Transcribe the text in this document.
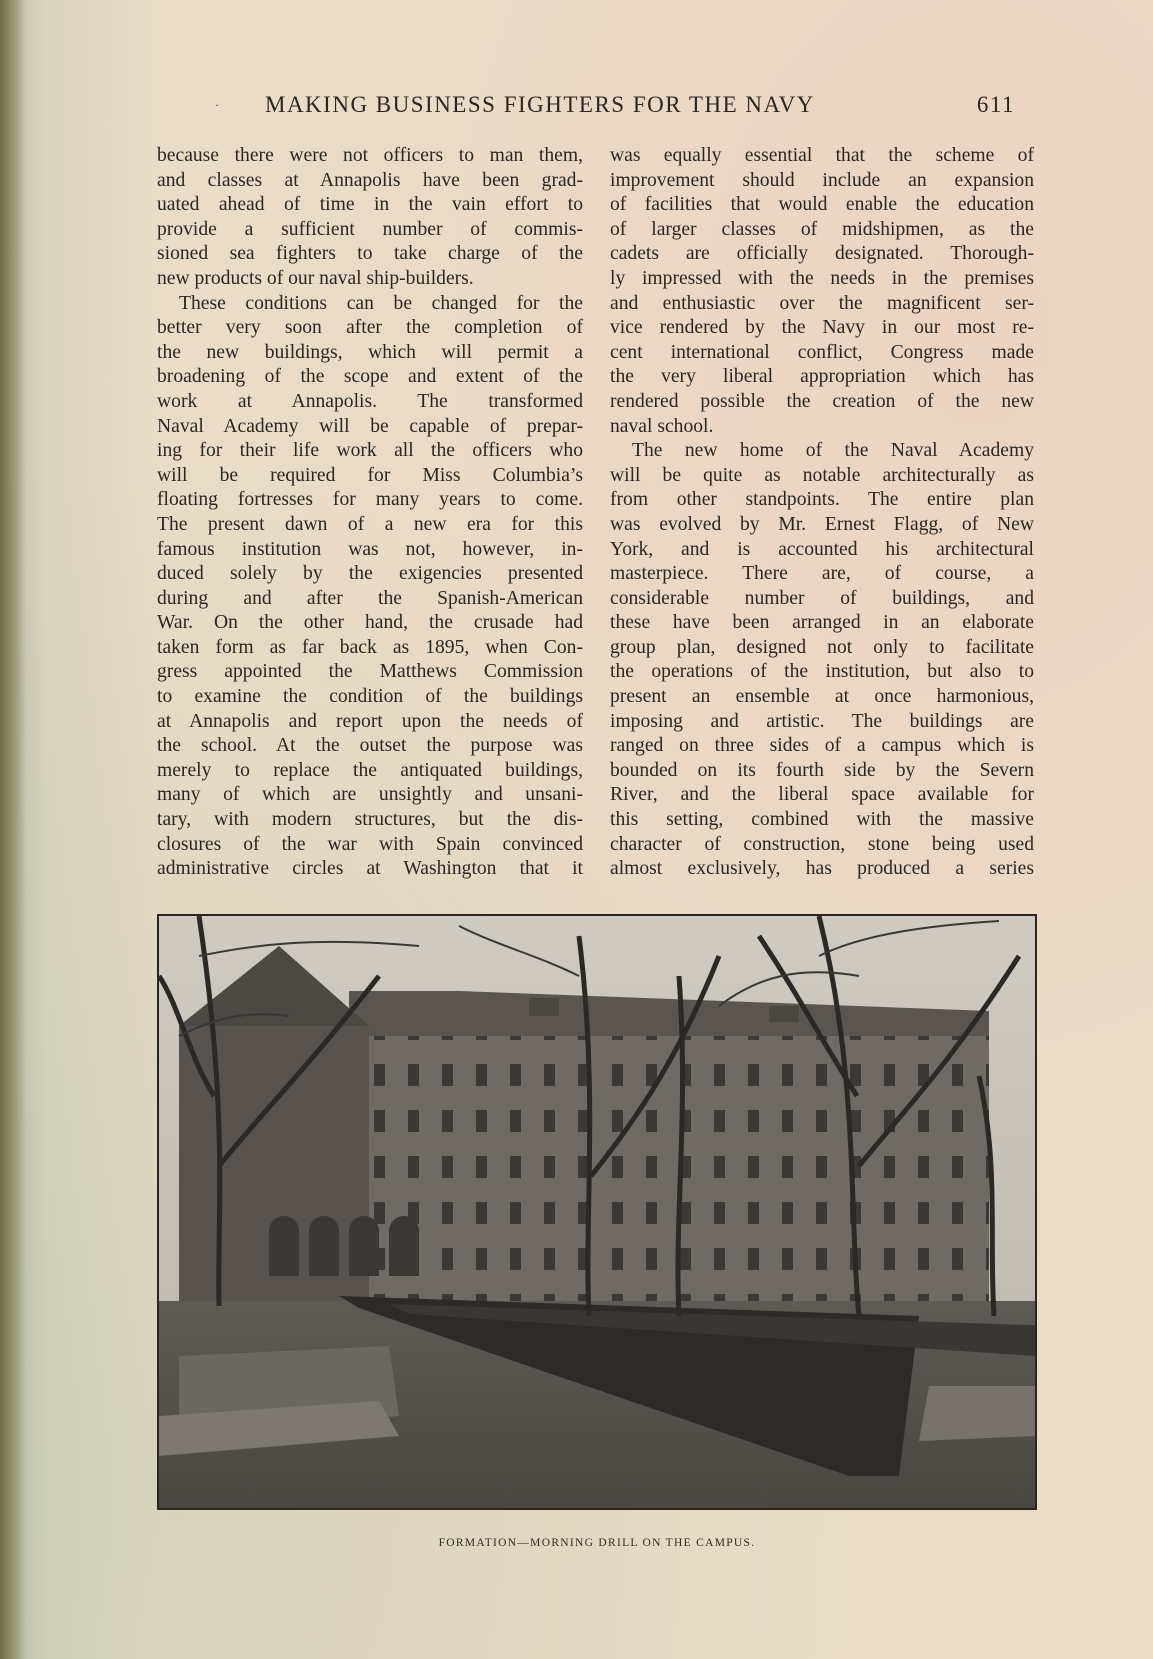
· MAKING BUSINESS FIGHTERS FOR THE NAVY	611
because there were not officers to man them,
and classes at Annapolis have been grad-
uated ahead of time in the vain effort to
provide a sufficient number of commis-
sioned sea fighters to take charge of the
new products of our naval ship-builders.
These conditions can be changed for the
better very soon after the completion of
the new buildings, which will permit a
broadening of the scope and extent of the
work at Annapolis. The transformed
Naval Academy will be capable of prepar-
ing for their life work all the officers who
will be required for Miss Columbia’s
floating fortresses for many years to come.
The present dawn of a new era for this
famous institution was not, however, in-
duced solely by the exigencies presented
during and after the Spanish-American
War. On the other hand, the crusade had
taken form as far back as 1895, when Con-
gress appointed the Matthews Commission
to examine the condition of the buildings
at Annapolis and report upon the needs of
the school. At the outset the purpose was
merely to replace the antiquated buildings,
many of which are unsightly and unsani-
tary, with modern structures, but the dis-
closures of the war with Spain convinced
administrative circles at Washington that it
was equally essential that the scheme of
improvement should include an expansion
of facilities that would enable the education
of larger classes of midshipmen, as the
cadets are officially designated. Thorough-
ly impressed with the needs in the premises
and enthusiastic over the magnificent ser-
vice rendered by the Navy in our most re-
cent international conflict, Congress made
the very liberal appropriation which has
rendered possible the creation of the new
naval school.
The new home of the Naval Academy
will be quite as notable architecturally as
from other standpoints. The entire plan
was evolved by Mr. Ernest Flagg, of New
York, and is accounted his architectural
masterpiece. There are, of course, a
considerable number of buildings, and
these have been arranged in an elaborate
group plan, designed not only to facilitate
the operations of the institution, but also to
present an ensemble at once harmonious,
imposing and artistic. The buildings are
ranged on three sides of a campus which is
bounded on its fourth side by the Severn
River, and the liberal space available for
this setting, combined with the massive
character of construction, stone being used
almost exclusively, has produced a series
FORMATION—MORNING DRILL ON THE CAMPUS.
